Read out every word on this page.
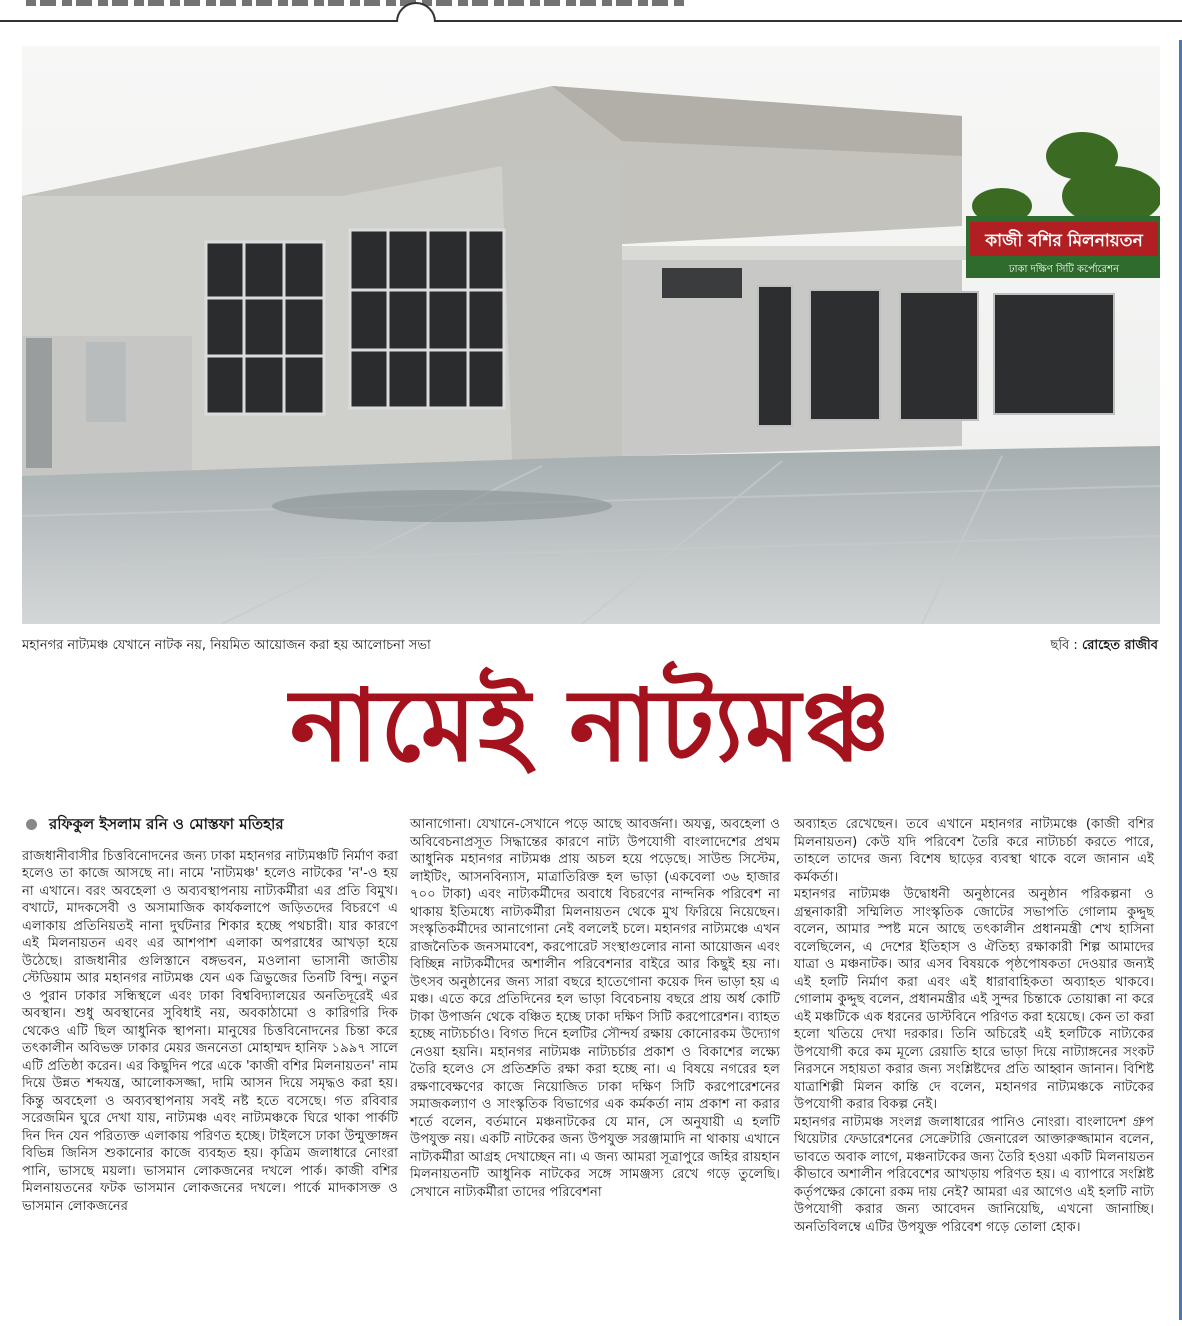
কাজী বশির মিলনায়তন
ঢাকা দক্ষিণ সিটি কর্পোরেশন
মহানগর নাট্যমঞ্চ যেখানে নাটক নয়, নিয়মিত আয়োজন করা হয় আলোচনা সভা	ছবি : রোহেত রাজীব
নামেই নাট্যমঞ্চ
রফিকুল ইসলাম রনি ও মোস্তফা মতিহার

রাজধানীবাসীর চিত্তবিনোদনের জন্য ঢাকা মহানগর নাট্যমঞ্চটি নির্মাণ করা হলেও তা কাজে আসছে না। নামে 'নাট্যমঞ্চ' হলেও নাটকের 'ন'-ও হয় না এখানে। বরং অবহেলা ও অব্যবস্থাপনায় নাট্যকর্মীরা এর প্রতি বিমুখ। বখাটে, মাদকসেবী ও অসামাজিক কার্যকলাপে জড়িতদের বিচরণে এ এলাকায় প্রতিনিয়তই নানা দুর্ঘটনার শিকার হচ্ছে পথচারী। যার কারণে এই মিলনায়তন এবং এর আশপাশ এলাকা অপরাধের আখড়া হয়ে উঠেছে। রাজধানীর গুলিস্তানে বঙ্গভবন, মওলানা ভাসানী জাতীয় স্টেডিয়াম আর মহানগর নাট্যমঞ্চ যেন এক ত্রিভুজের তিনটি বিন্দু। নতুন ও পুরান ঢাকার সন্ধিস্থলে এবং ঢাকা বিশ্ববিদ্যালয়ের অনতিদূরেই এর অবস্থান। শুধু অবস্থানের সুবিধাই নয়, অবকাঠামো ও কারিগরি দিক থেকেও এটি ছিল আধুনিক স্থাপনা। মানুষের চিত্তবিনোদনের চিন্তা করে তৎকালীন অবিভক্ত ঢাকার মেয়র জননেতা মোহাম্মদ হানিফ ১৯৯৭ সালে এটি প্রতিষ্ঠা করেন। এর কিছুদিন পরে একে 'কাজী বশির মিলনায়তন' নাম দিয়ে উন্নত শব্দযন্ত্র, আলোকসজ্জা, দামি আসন দিয়ে সমৃদ্ধও করা হয়। কিন্তু অবহেলা ও অব্যবস্থাপনায় সবই নষ্ট হতে বসেছে। গত রবিবার সরেজমিন ঘুরে দেখা যায়, নাট্যমঞ্চ এবং নাট্যমঞ্চকে ঘিরে থাকা পার্কটি দিন দিন যেন পরিত্যক্ত এলাকায় পরিণত হচ্ছে। টাইলসে ঢাকা উন্মুক্তাঙ্গন বিভিন্ন জিনিস শুকানোর কাজে ব্যবহৃত হয়। কৃত্রিম জলাধারে নোংরা পানি, ভাসছে ময়লা। ভাসমান লোকজনের দখলে পার্ক। কাজী বশির মিলনায়তনের ফটক ভাসমান লোকজনের দখলে। পার্কে মাদকাসক্ত ও ভাসমান লোকজনের

আনাগোনা। যেখানে-সেখানে পড়ে আছে আবর্জনা। অযত্ন, অবহেলা ও অবিবেচনাপ্রসূত সিদ্ধান্তের কারণে নাট্য উপযোগী বাংলাদেশের প্রথম আধুনিক মহানগর নাট্যমঞ্চ প্রায় অচল হয়ে পড়েছে। সাউন্ড সিস্টেম, লাইটিং, আসনবিন্যাস, মাত্রাতিরিক্ত হল ভাড়া (একবেলা ৩৬ হাজার ৭০০ টাকা) এবং নাট্যকর্মীদের অবাধে বিচরণের নান্দনিক পরিবেশ না থাকায় ইতিমধ্যে নাট্যকর্মীরা মিলনায়তন থেকে মুখ ফিরিয়ে নিয়েছেন। সংস্কৃতিকর্মীদের আনাগোনা নেই বললেই চলে। মহানগর নাট্যমঞ্চে এখন রাজনৈতিক জনসমাবেশ, করপোরেট সংস্থাগুলোর নানা আয়োজন এবং বিচ্ছিন্ন নাট্যকর্মীদের অশালীন পরিবেশনার বাইরে আর কিছুই হয় না। উৎসব অনুষ্ঠানের জন্য সারা বছরে হাতেগোনা কয়েক দিন ভাড়া হয় এ মঞ্চ। এতে করে প্রতিদিনের হল ভাড়া বিবেচনায় বছরে প্রায় অর্ধ কোটি টাকা উপার্জন থেকে বঞ্চিত হচ্ছে ঢাকা দক্ষিণ সিটি করপোরেশন। ব্যাহত হচ্ছে নাট্যচর্চাও। বিগত দিনে হলটির সৌন্দর্য রক্ষায় কোনোরকম উদ্যোগ নেওয়া হয়নি। মহানগর নাট্যমঞ্চ নাট্যচর্চার প্রকাশ ও বিকাশের লক্ষ্যে তৈরি হলেও সে প্রতিশ্রুতি রক্ষা করা হচ্ছে না। এ বিষয়ে নগরের হল রক্ষণাবেক্ষণের কাজে নিয়োজিত ঢাকা দক্ষিণ সিটি করপোরেশনের সমাজকল্যাণ ও সাংস্কৃতিক বিভাগের এক কর্মকর্তা নাম প্রকাশ না করার শর্তে বলেন, বর্তমানে মঞ্চনাটকের যে মান, সে অনুযায়ী এ হলটি উপযুক্ত নয়। একটি নাটকের জন্য উপযুক্ত সরঞ্জামাদি না থাকায় এখানে নাট্যকর্মীরা আগ্রহ দেখাচ্ছেন না। এ জন্য আমরা সূত্রাপুরে জহির রায়হান মিলনায়তনটি আধুনিক নাটকের সঙ্গে সামঞ্জস্য রেখে গড়ে তুলেছি। সেখানে নাট্যকর্মীরা তাদের পরিবেশনা

অব্যাহত রেখেছেন। তবে এখানে মহানগর নাট্যমঞ্চে (কাজী বশির মিলনায়তন) কেউ যদি পরিবেশ তৈরি করে নাট্যচর্চা করতে পারে, তাহলে তাদের জন্য বিশেষ ছাড়ের ব্যবস্থা থাকে বলে জানান এই কর্মকর্তা।

মহানগর নাট্যমঞ্চ উদ্বোধনী অনুষ্ঠানের অনুষ্ঠান পরিকল্পনা ও গ্রন্থনাকারী সম্মিলিত সাংস্কৃতিক জোটের সভাপতি গোলাম কুদ্দুছ বলেন, আমার স্পষ্ট মনে আছে তৎকালীন প্রধানমন্ত্রী শেখ হাসিনা বলেছিলেন, এ দেশের ইতিহাস ও ঐতিহ্য রক্ষাকারী শিল্প আমাদের যাত্রা ও মঞ্চনাটক। আর এসব বিষয়কে পৃষ্ঠপোষকতা দেওয়ার জন্যই এই হলটি নির্মাণ করা এবং এই ধারাবাহিকতা অব্যাহত থাকবে। গোলাম কুদ্দুছ বলেন, প্রধানমন্ত্রীর এই সুন্দর চিন্তাকে তোয়াক্কা না করে এই মঞ্চটিকে এক ধরনের ডাস্টবিনে পরিণত করা হয়েছে। কেন তা করা হলো খতিয়ে দেখা দরকার। তিনি অচিরেই এই হলটিকে নাট্যকের উপযোগী করে কম মূল্যে রেয়াতি হারে ভাড়া দিয়ে নাট্যাঙ্গনের সংকট নিরসনে সহায়তা করার জন্য সংশ্লিষ্টদের প্রতি আহ্বান জানান। বিশিষ্ট যাত্রাশিল্পী মিলন কান্তি দে বলেন, মহানগর নাট্যমঞ্চকে নাটকের উপযোগী করার বিকল্প নেই।

মহানগর নাট্যমঞ্চ সংলগ্ন জলাধারের পানিও নোংরা। বাংলাদেশ গ্রুপ থিয়েটার ফেডারেশনের সেক্রেটারি জেনারেল আক্তারুজ্জামান বলেন, ভাবতে অবাক লাগে, মঞ্চনাটকের জন্য তৈরি হওয়া একটি মিলনায়তন কীভাবে অশালীন পরিবেশের আখড়ায় পরিণত হয়। এ ব্যাপারে সংশ্লিষ্ট কর্তৃপক্ষের কোনো রকম দায় নেই? আমরা এর আগেও এই হলটি নাট্য উপযোগী করার জন্য আবেদন জানিয়েছি, এখনো জানাচ্ছি। অনতিবিলম্বে এটির উপযুক্ত পরিবেশ গড়ে তোলা হোক।
